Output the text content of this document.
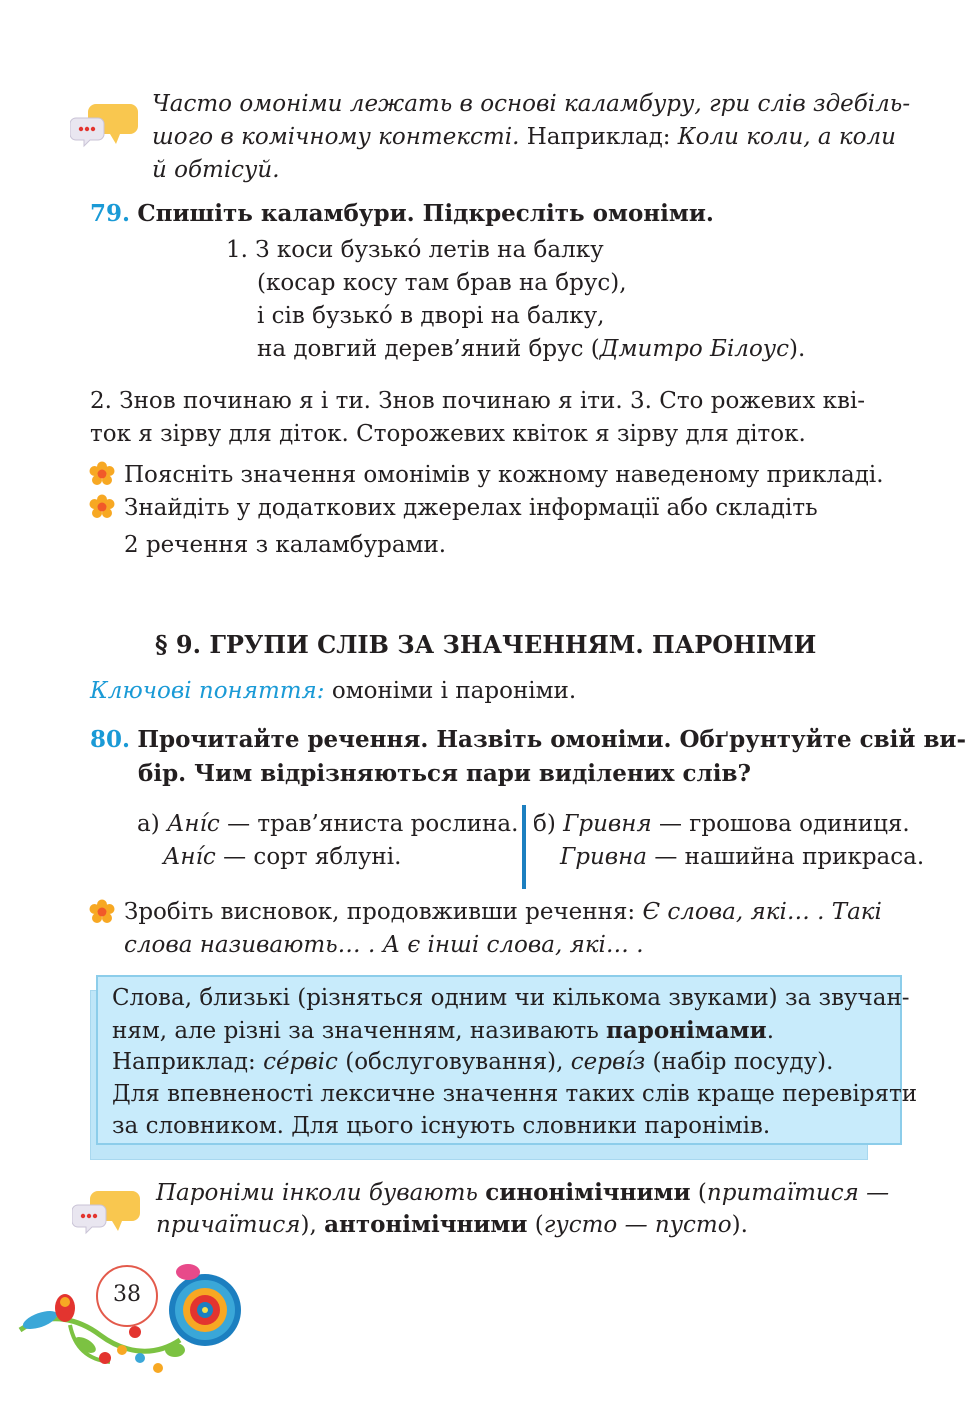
Часто омоніми лежать в основі каламбуру, гри слів здебіль-
шого в комічному контексті. Наприклад: Коли коли, а коли
й обтісуй.
79. Спишіть каламбури. Підкресліть омоніми.
1. З коси бузько́ летів на балку
(косар косу там брав на брус),
і сів бузько́ в дворі на балку,
на довгий дерев’яний брус (Дмитро Білоус).
2. Знов починаю я і ти. Знов починаю я іти. 3. Сто рожевих кві-
ток я зірву для діток. Сторожевих квіток я зірву для діток.
Поясніть значення омонімів у кожному наведеному прикладі.
Знайдіть у додаткових джерелах інформації або складіть
2 речення з каламбурами.
§ 9. ГРУПИ СЛІВ ЗА ЗНАЧЕННЯМ. ПАРОНІМИ
Ключові поняття: омоніми і пароніми.
80. Прочитайте речення. Назвіть омоніми. Обґрунтуйте свій ви-
бір. Чим відрізняються пари виділених слів?
а) Ані́с — трав’яниста рослина.
Ані́с — сорт яблуні.
б) Гривня — грошова одиниця.
Гривна — нашийна прикраса.
Зробіть висновок, продовживши речення: Є слова, які… . Такі
слова називають… . А є інші слова, які… .
Слова, близькі (різняться одним чи кількома звуками) за звучан-
ням, але різні за значенням, називають паронімами.
Наприклад: се́рвіс (обслуговування), серві́з (набір посуду).
Для впевненості лексичне значення таких слів краще перевіряти
за словником. Для цього існують словники паронімів.
Пароніми інколи бувають синонімічними (притаїтися —
причаїтися), антонімічними (густо — пусто).
38
